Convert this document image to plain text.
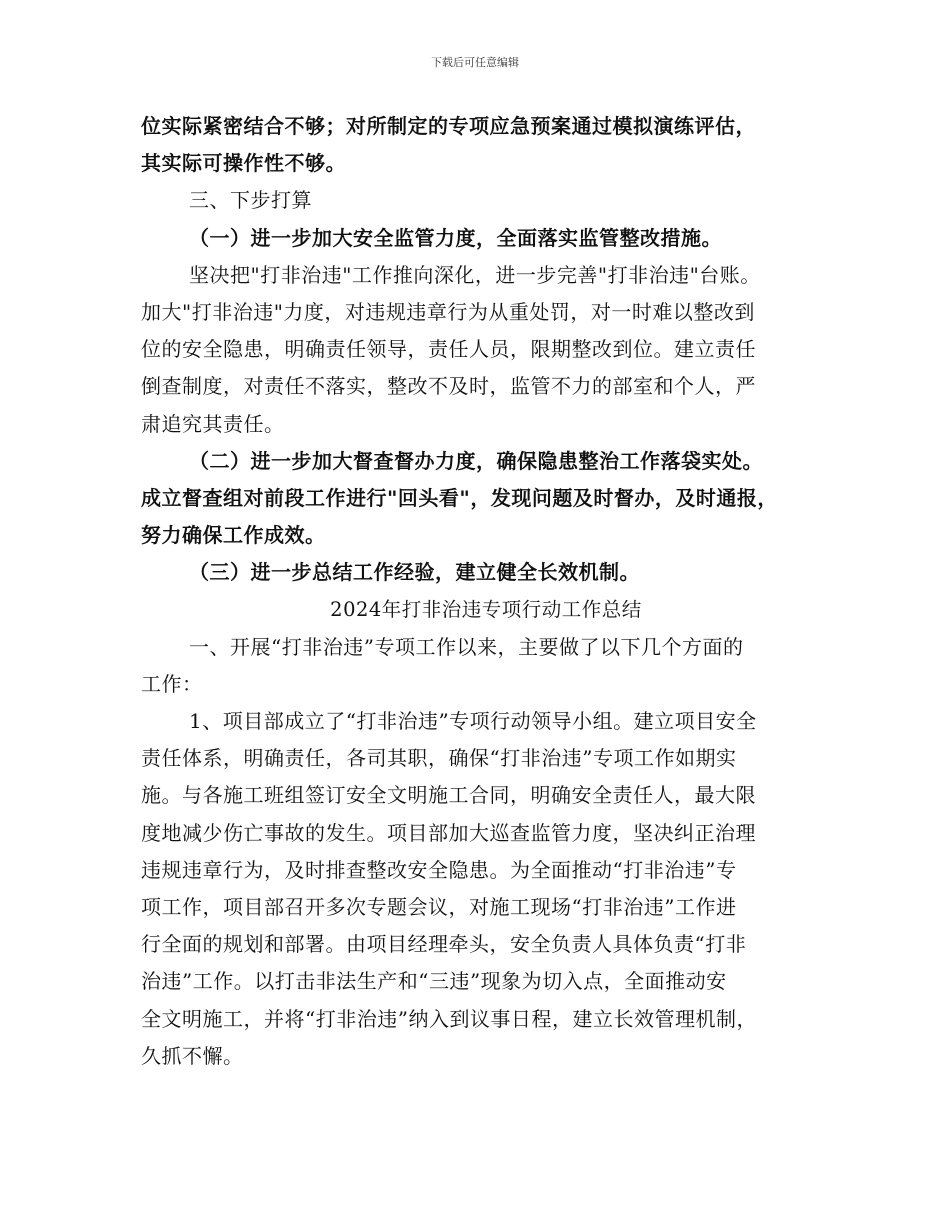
下载后可任意编辑
位实际紧密结合不够；对所制定的专项应急预案通过模拟演练评估，
其实际可操作性不够。
三、下步打算
（一）进一步加大安全监管力度，全面落实监管整改措施。
坚决把"打非治违"工作推向深化，进一步完善"打非治违"台账。
加大"打非治违"力度，对违规违章行为从重处罚，对一时难以整改到
位的安全隐患，明确责任领导，责任人员，限期整改到位。建立责任
倒查制度，对责任不落实，整改不及时，监管不力的部室和个人，严
肃追究其责任。
（二）进一步加大督查督办力度，确保隐患整治工作落袋实处。
成立督查组对前段工作进行"回头看"，发现问题及时督办，及时通报，
努力确保工作成效。
（三）进一步总结工作经验，建立健全长效机制。
2024年打非治违专项行动工作总结
一、开展“打非治违”专项工作以来，主要做了以下几个方面的
工作：
1、项目部成立了“打非治违”专项行动领导小组。建立项目安全
责任体系，明确责任，各司其职，确保“打非治违”专项工作如期实
施。与各施工班组签订安全文明施工合同，明确安全责任人，最大限
度地减少伤亡事故的发生。项目部加大巡查监管力度，坚决纠正治理
违规违章行为，及时排查整改安全隐患。为全面推动“打非治违”专
项工作，项目部召开多次专题会议，对施工现场“打非治违”工作进
行全面的规划和部署。由项目经理牵头，安全负责人具体负责“打非
治违”工作。以打击非法生产和“三违”现象为切入点，全面推动安
全文明施工，并将“打非治违”纳入到议事日程，建立长效管理机制，
久抓不懈。
